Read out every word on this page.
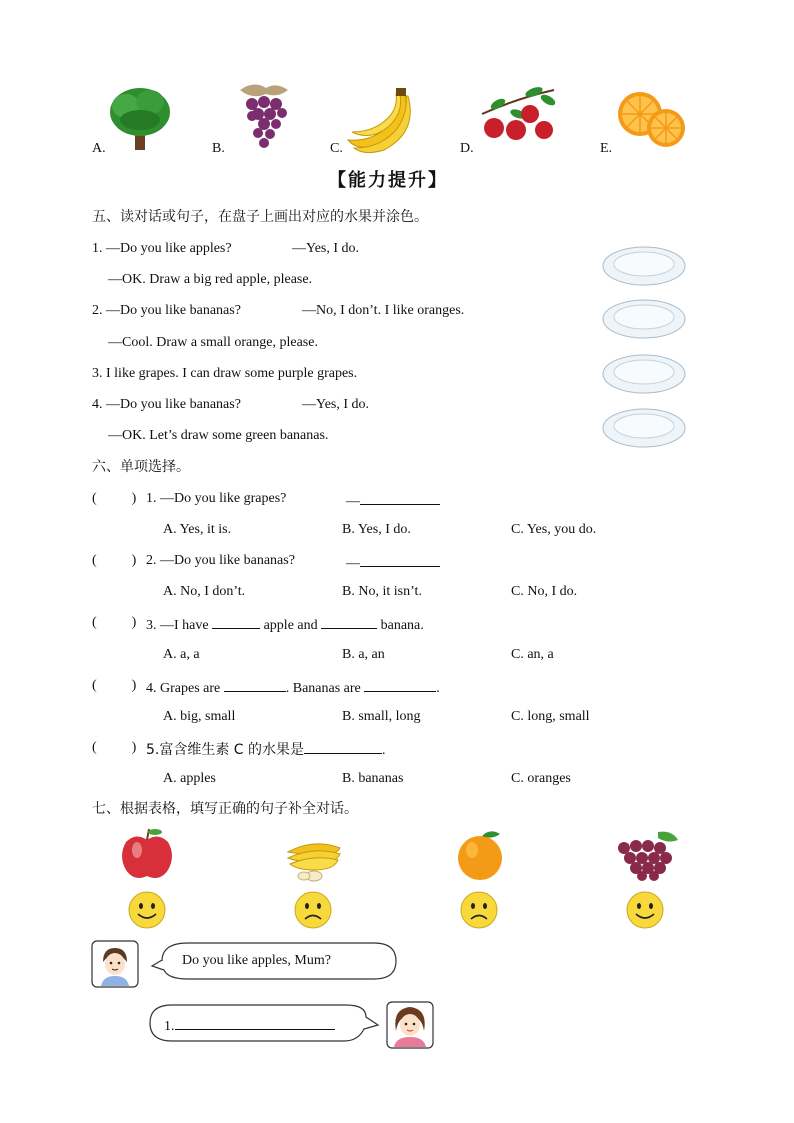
A.	B.	C.	D.	E.
【能力提升】
五、读对话或句子，在盘子上画出对应的水果并涂色。
1. —Do you like apples?	—Yes, I do.
—OK. Draw a big red apple, please.
2. —Do you like bananas?	—No, I don’t. I like oranges.
—Cool. Draw a small orange, please.
3. I like grapes. I can draw some purple grapes.
4. —Do you like bananas?	—Yes, I do.
—OK. Let’s draw some green bananas.
六、单项选择。
(          ) 1. —Do you like grapes?	—
A. Yes, it is.	B. Yes, I do.	C. Yes, you do.
(          ) 2. —Do you like bananas?	—
A. No, I don’t.	B. No, it isn’t.	C. No, I do.
(          ) 3. —I have	apple and	banana.
A. a, a	B. a, an	C. an, a
(          ) 4. Grapes are	. Bananas are	.
A. big, small	B. small, long	C. long, small
(          ) 5.富含维生素 C 的水果是	.
A. apples	B. bananas	C. oranges
七、根据表格，填写正确的句子补全对话。
Do you like apples, Mum?
1.
